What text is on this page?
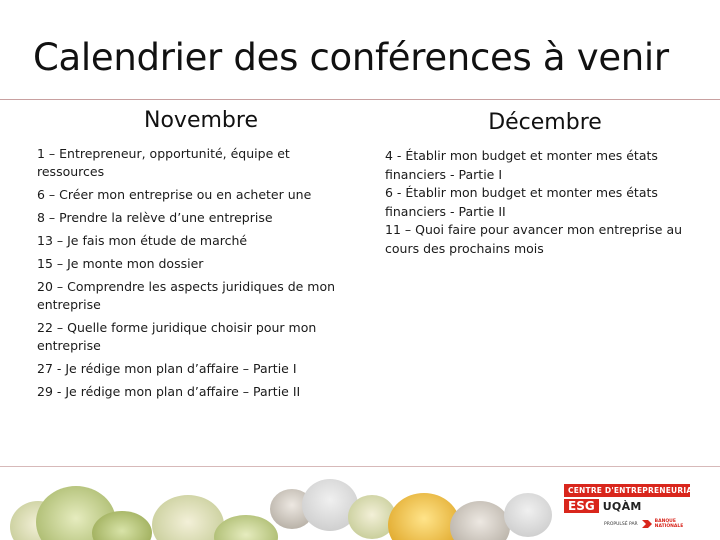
Calendrier des conférences à venir
Novembre
1 – Entrepreneur, opportunité, équipe et ressources
6 – Créer mon entreprise ou en acheter une
8 – Prendre la relève d’une entreprise
13 – Je fais mon étude de marché
15 – Je monte mon dossier
20 – Comprendre les aspects juridiques de mon entreprise
22 – Quelle forme juridique choisir pour mon entreprise
27 - Je rédige mon plan d’affaire – Partie I
29 - Je rédige mon plan d’affaire – Partie II
Décembre
4 - Établir mon budget et monter mes états financiers - Partie I
6 - Établir mon budget et monter mes états financiers - Partie II
11 – Quoi faire pour avancer mon entreprise au cours des prochains mois
CENTRE D'ENTREPRENEURIAT
ESG UQÀM
PROPULSÉ PAR	BANQUE NATIONALE
